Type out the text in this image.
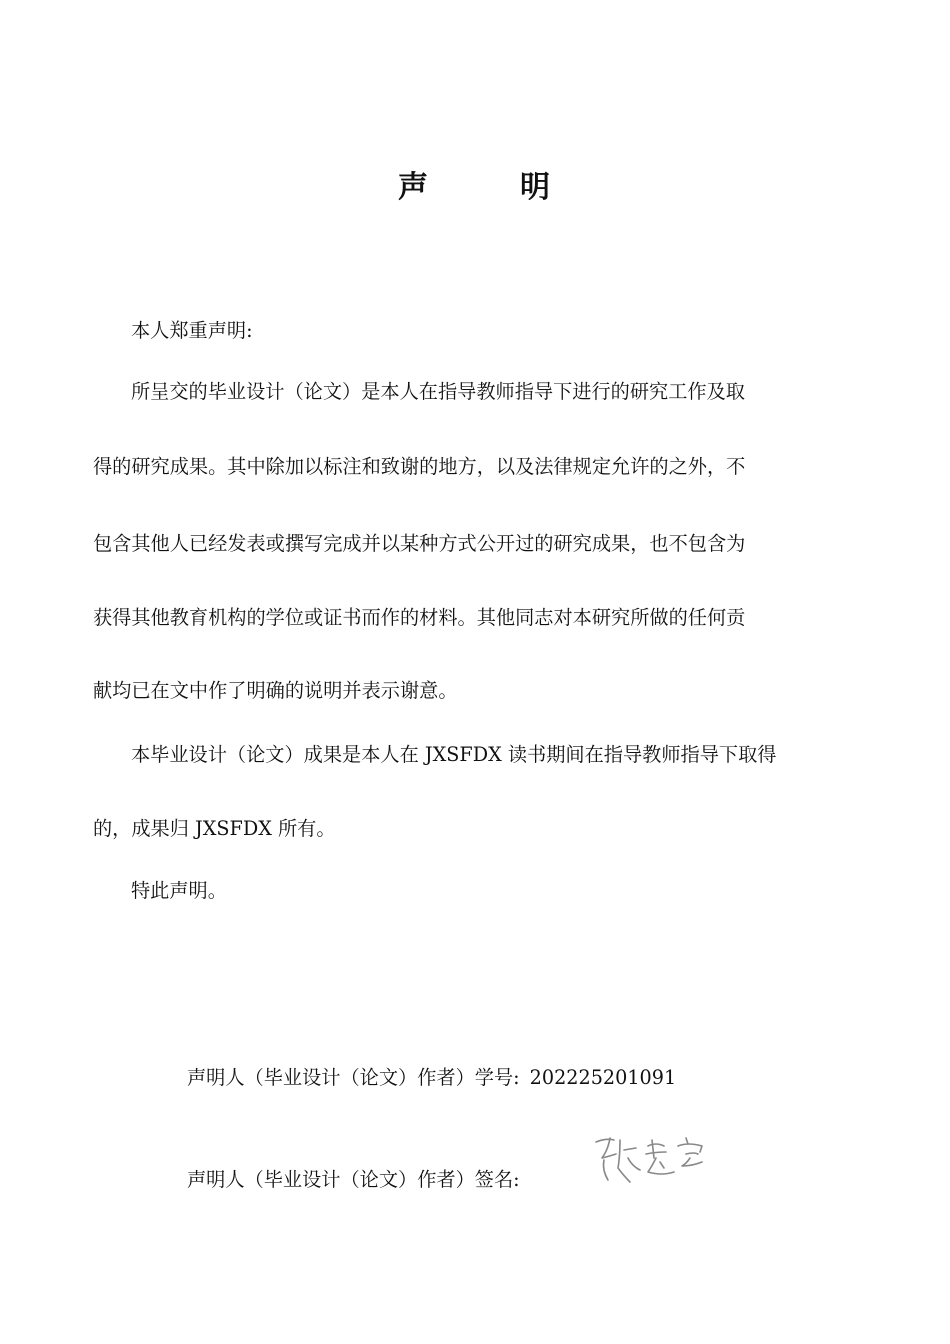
声	明
本人郑重声明:
所呈交的毕业设计（论文）是本人在指导教师指导下进行的研究工作及取
得的研究成果。其中除加以标注和致谢的地方，以及法律规定允许的之外，不
包含其他人已经发表或撰写完成并以某种方式公开过的研究成果，也不包含为
获得其他教育机构的学位或证书而作的材料。其他同志对本研究所做的任何贡
献均已在文中作了明确的说明并表示谢意。
本毕业设计（论文）成果是本人在 JXSFDX 读书期间在指导教师指导下取得
的，成果归 JXSFDX 所有。
特此声明。
声明人（毕业设计（论文）作者）学号: 202225201091
声明人（毕业设计（论文）作者）签名:
